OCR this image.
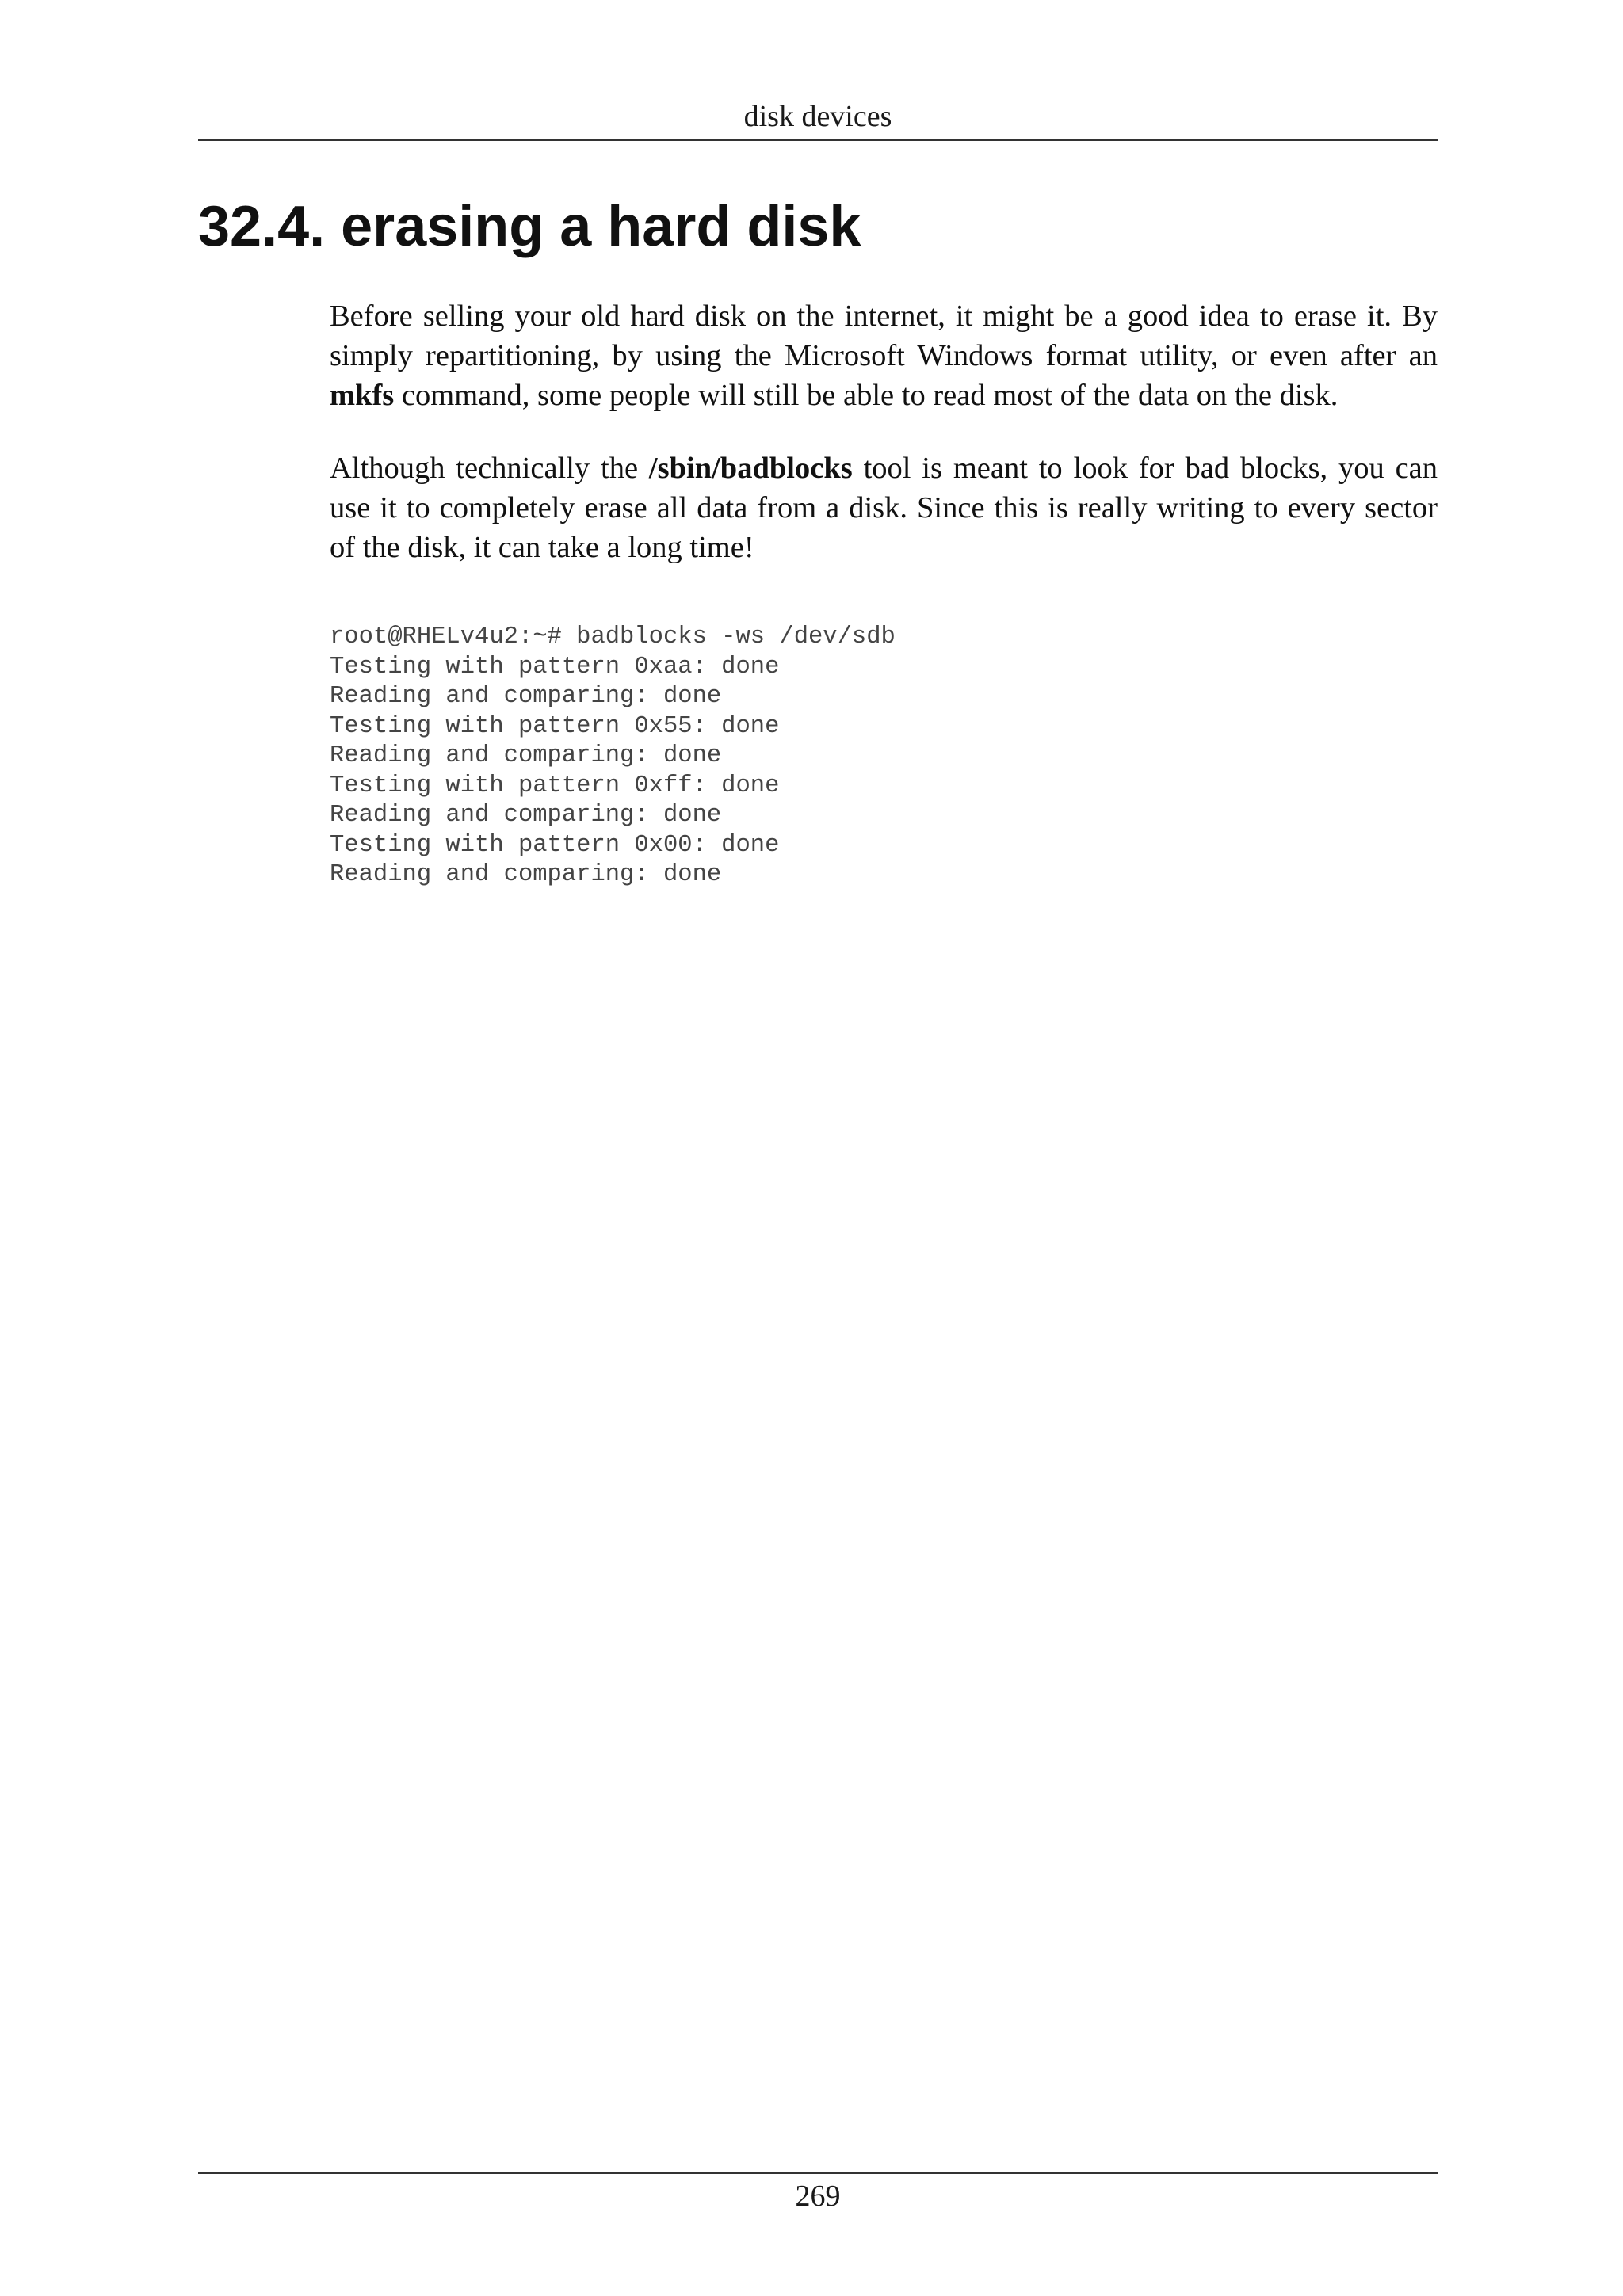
disk devices
32.4. erasing a hard disk

Before selling your old hard disk on the internet, it might be a good idea to erase it. By simply repartitioning, by using the Microsoft Windows format utility, or even after an mkfs command, some people will still be able to read most of the data on the disk.

Although technically the /sbin/badblocks tool is meant to look for bad blocks, you can use it to completely erase all data from a disk. Since this is really writing to every sector of the disk, it can take a long time!

root@RHELv4u2:~# badblocks -ws /dev/sdb
Testing with pattern 0xaa: done
Reading and comparing: done
Testing with pattern 0x55: done
Reading and comparing: done
Testing with pattern 0xff: done
Reading and comparing: done
Testing with pattern 0x00: done
Reading and comparing: done
269
